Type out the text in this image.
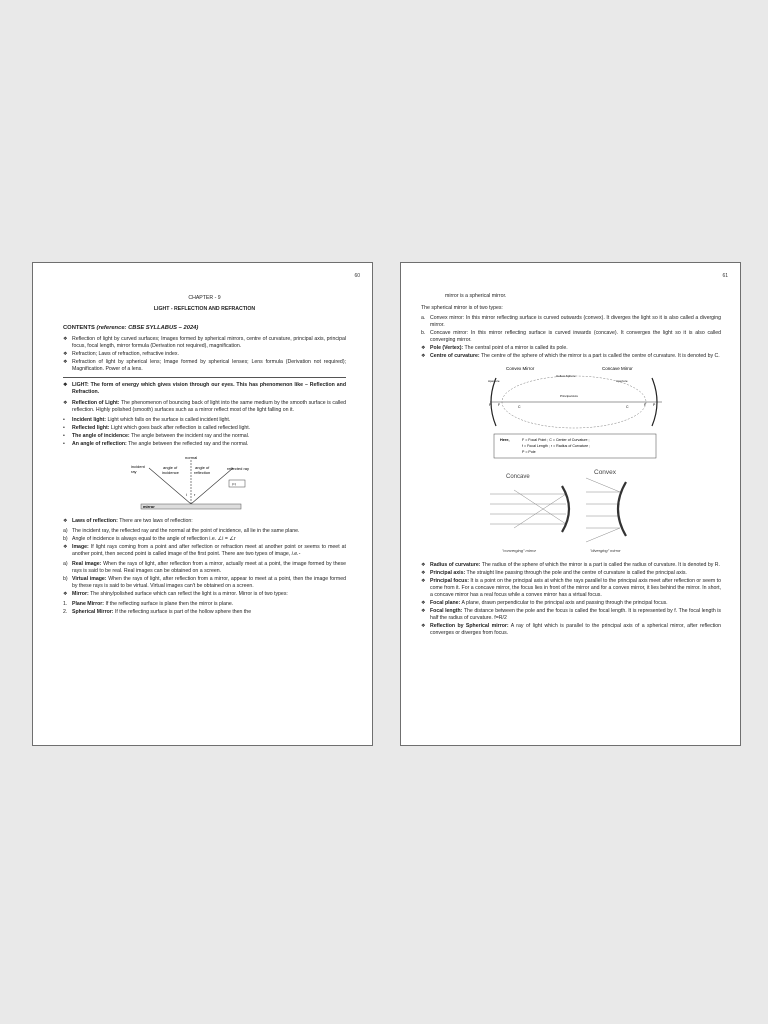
60

CHAPTER - 9

LIGHT - REFLECTION AND REFRACTION

CONTENTS (reference: CBSE SYLLABUS – 2024)

❖ Reflection of light by curved surfaces; Images formed by spherical mirrors, centre of curvature, principal axis, principal focus, focal length, mirror formula (Derivation not required), magnification.
❖ Refraction; Laws of refraction, refractive index.
❖ Refraction of light by spherical lens; Image formed by spherical lenses; Lens formula (Derivation not required); Magnification. Power of a lens.
❖ LIGHT: The form of energy which gives vision through our eyes. This has phenomenon like – Reflection and Refraction.
❖ Reflection of Light: The phenomenon of bouncing back of light into the same medium by the smooth surface is called reflection. Highly polished (smooth) surfaces such as a mirror reflect most of the light falling on it.
• Incident light: Light which falls on the surface is called incident light.
• Reflected light: Light which goes back after reflection is called reflected light.
• The angle of incidence: The angle between the incident ray and the normal.
• An angle of reflection: The angle between the reflected ray and the normal.
normal
incident
ray
angle of
incidence
angle of
reflection
reflected ray
i r
i=r
mirror
❖ Laws of reflection: There are two laws of reflection:
a) The incident ray, the reflected ray and the normal at the point of incidence, all lie in the same plane.
b) Angle of incidence is always equal to the angle of reflection i.e. ∠i = ∠r
❖ Image: If light rays coming from a point and after reflection or refraction meet at another point or seems to meet at another point, then second point is called image of the first point. There are two types of image, i.e.-
a) Real image: When the rays of light, after reflection from a mirror, actually meet at a point, the image formed by these rays is said to be real. Real images can be obtained on a screen.
b) Virtual image: When the rays of light, after reflection from a mirror, appear to meet at a point, then the image formed by these rays is said to be virtual. Virtual images can't be obtained on a screen.
❖ Mirror: The shiny/polished surface which can reflect the light is a mirror. Mirror is of two types:
1. Plane Mirror: If the reflecting surface is plane then the mirror is plane.
2. Spherical Mirror: If the reflecting surface is part of the hollow sphere then the
61

mirror is a spherical mirror.

The spherical mirror is of two types:

a. Convex mirror: In this mirror reflecting surface is curved outwards (convex). It diverges the light so it is also called a diverging mirror.
b. Concave mirror: In this mirror reflecting surface is curved inwards (concave). It converges the light so it is also called converging mirror.
❖ Pole (Vertex): The central point of a mirror is called its pole.
❖ Centre of curvature: The centre of the sphere of which the mirror is a part is called the centre of curvature. It is denoted by C.
Convex Mirror	Concave Mirror
Hollow Sphere
Aperture	Aperture
Principal Axis
P F	C	C	F P
Here,	F = Focal Point ; C = Center of Curvature ;
f = Focal Length ; r = Radius of Curvature ;
P = Pole
Concave
Convex
"converging" mirror	"diverging" mirror
❖ Radius of curvature: The radius of the sphere of which the mirror is a part is called the radius of curvature. It is denoted by R.
❖ Principal axis: The straight line passing through the pole and the centre of curvature is called the principal axis.
❖ Principal focus: It is a point on the principal axis at which the rays parallel to the principal axis meet after reflection or seem to come from it. For a concave mirror, the focus lies in front of the mirror and for a convex mirror, it lies behind the mirror. In short, a concave mirror has a real focus while a convex mirror has a virtual focus.
❖ Focal plane: A plane, drawn perpendicular to the principal axis and passing through the principal focus.
❖ Focal length: The distance between the pole and the focus is called the focal length. It is represented by f. The focal length is half the radius of curvature. f=R/2
❖ Reflection by Spherical mirror: A ray of light which is parallel to the principal axis of a spherical mirror, after reflection converges or diverges from focus.
